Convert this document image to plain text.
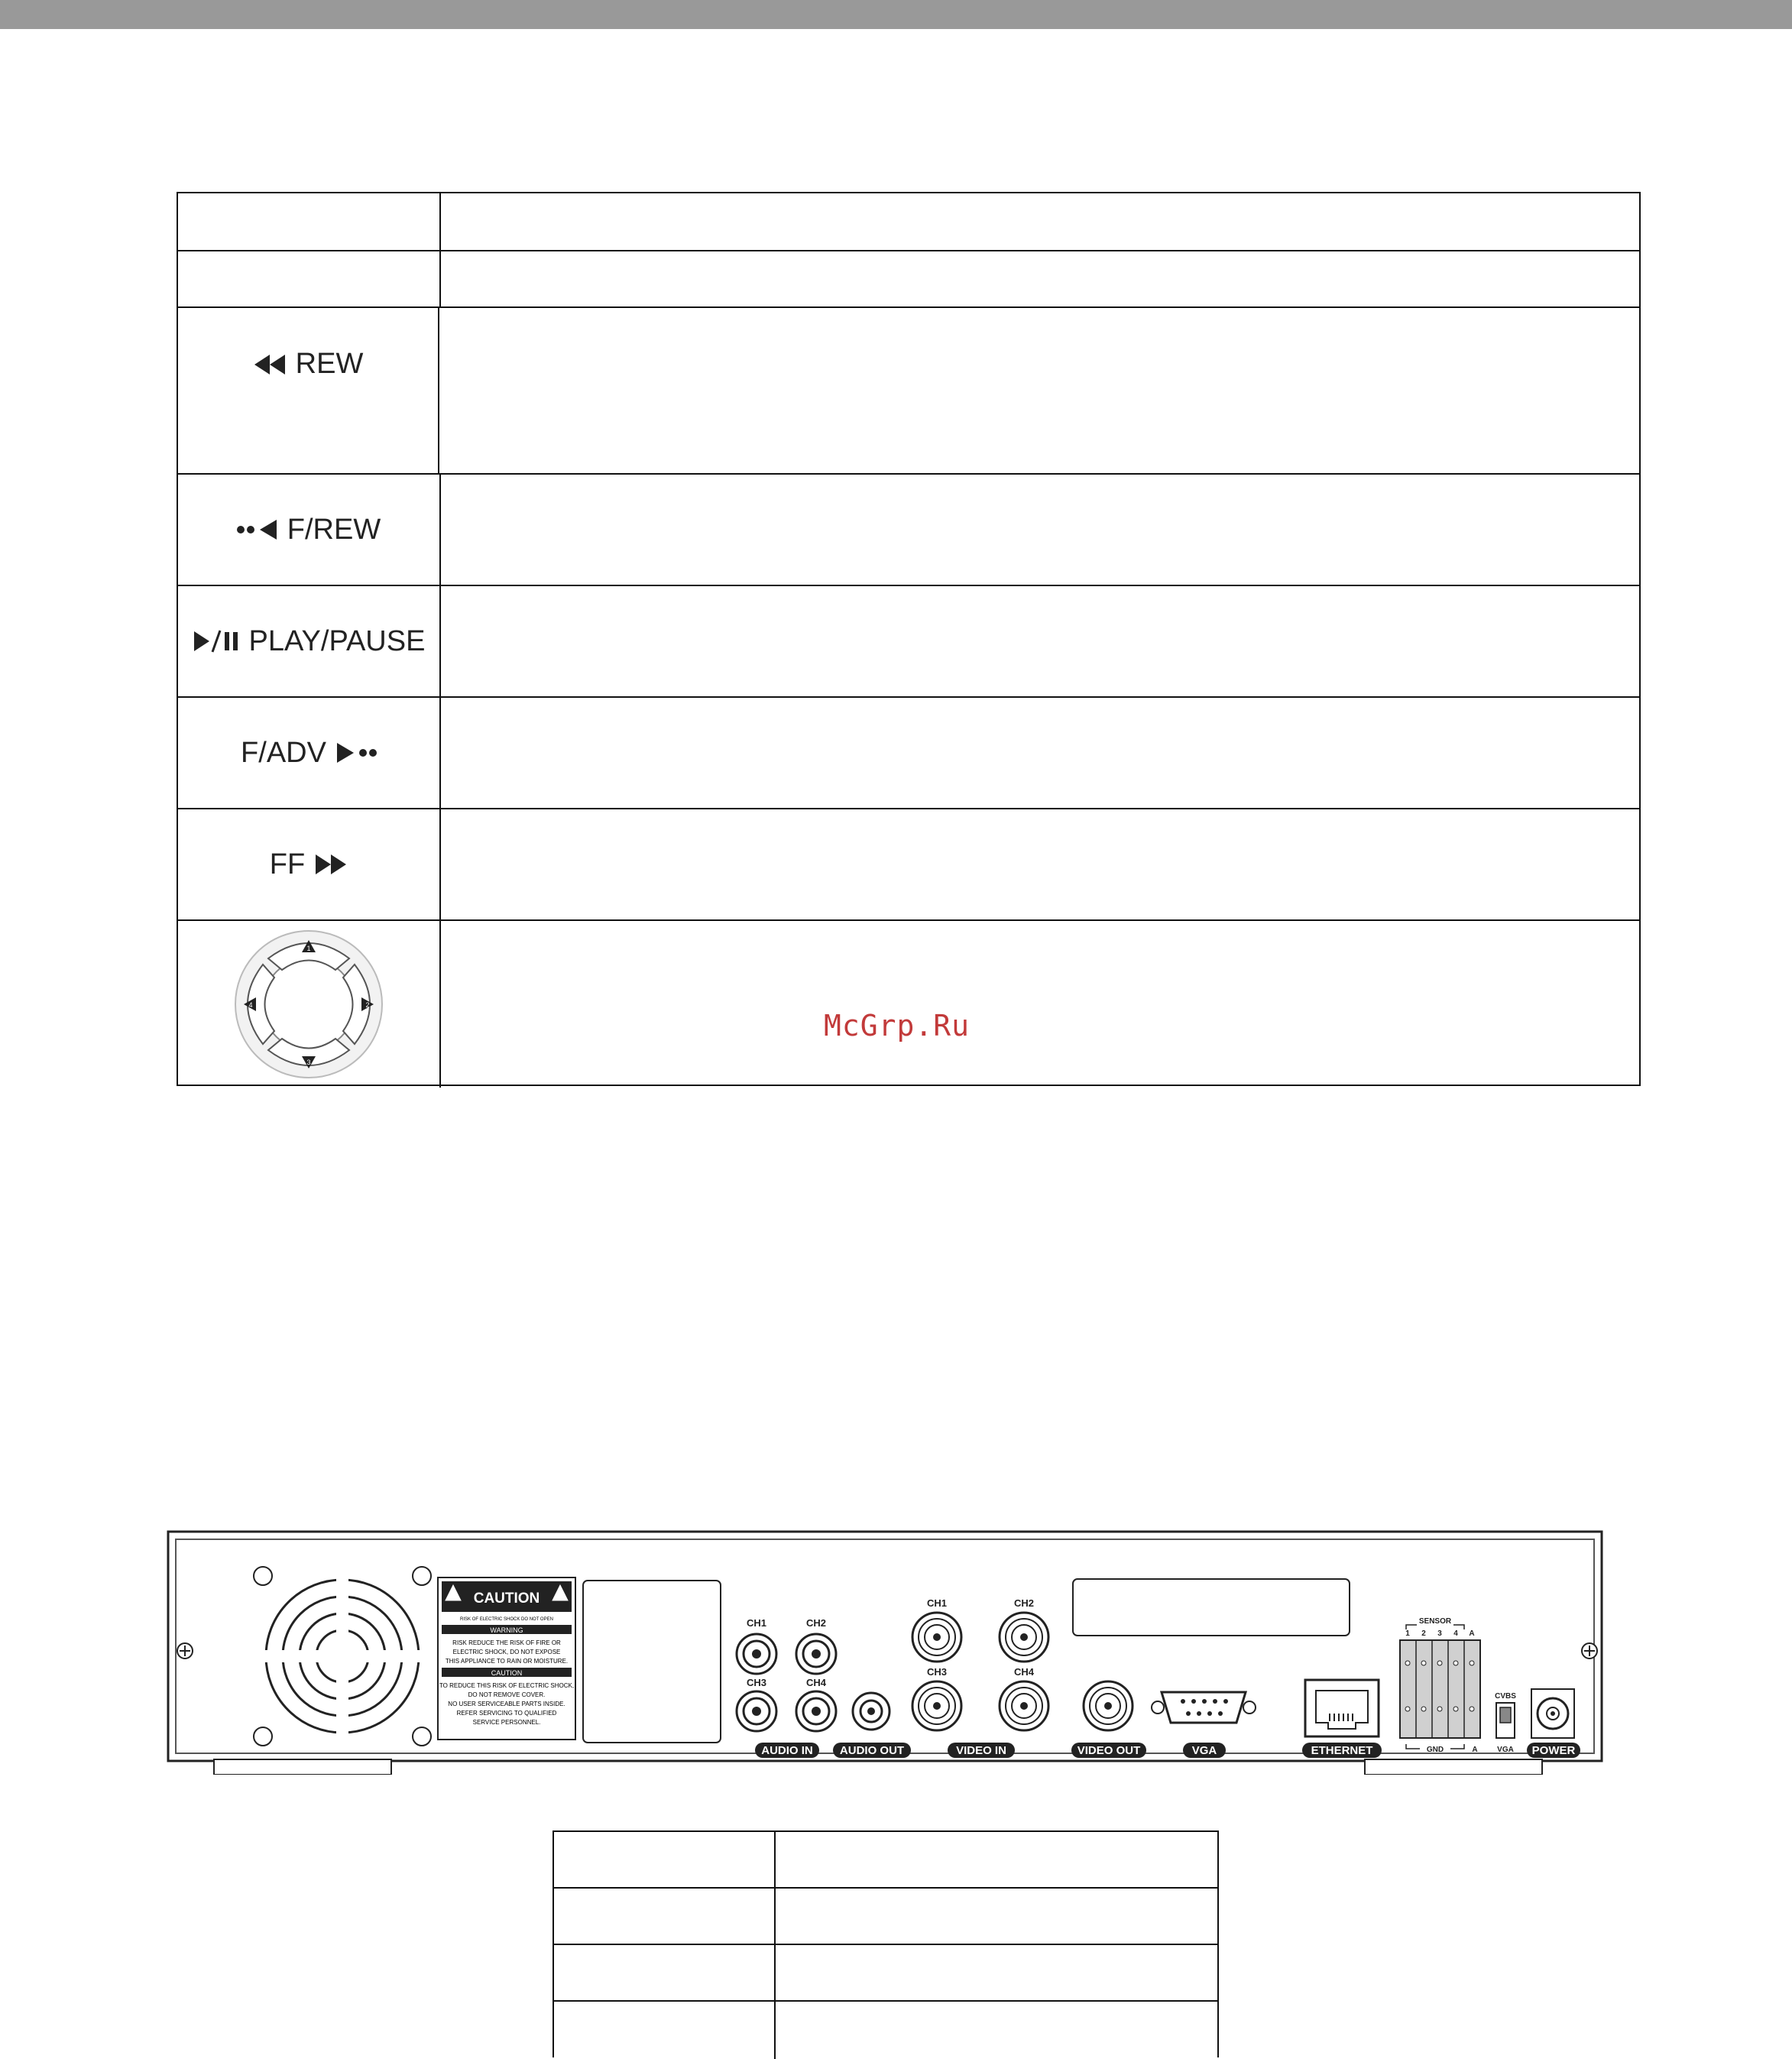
REW
F/REW
PLAY/PAUSE
F/ADV
FF
1
2
3
4
McGrp.Ru
CAUTION
RISK OF ELECTRIC SHOCK DO NOT OPEN
WARNING
RISK REDUCE THE RISK OF FIRE OR
ELECTRIC SHOCK, DO NOT EXPOSE
THIS APPLIANCE TO RAIN OR MOISTURE.
CAUTION
TO REDUCE THIS RISK OF ELECTRIC SHOCK,
DO NOT REMOVE COVER.
NO USER SERVICEABLE PARTS INSIDE.
REFER SERVICING TO QUALIFIED
SERVICE PERSONNEL.
CH1	CH2
CH3	CH4
AUDIO IN AUDIO OUT
CH1	CH2
CH3	CH4
VIDEO IN	VIDEO OUT	VGA	ETHERNET
SENSOR
1 2 3 4 A
GND	A
CVBS
VGA POWER
